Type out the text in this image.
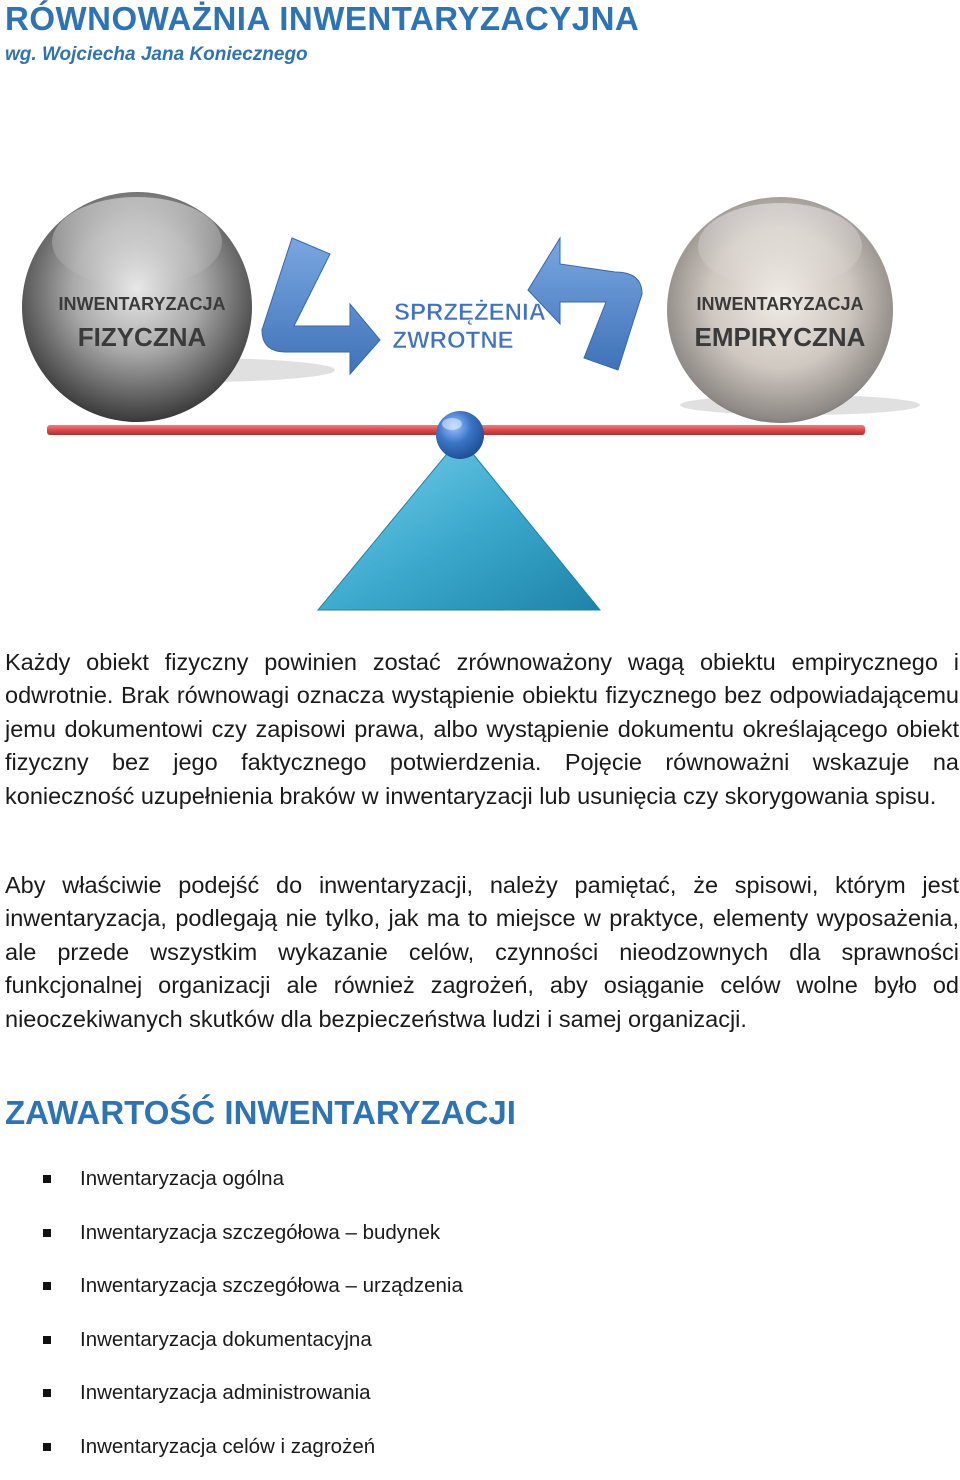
RÓWNOWAŻNIA INWENTARYZACYJNA
wg. Wojciecha Jana Koniecznego
INWENTARYZACJA
FIZYCZNA
INWENTARYZACJA
EMPIRYCZNA
SPRZĘŻENIA
ZWROTNE

Każdy obiekt fizyczny powinien zostać zrównoważony wagą obiektu empirycznego i odwrotnie. Brak równowagi oznacza wystąpienie obiektu fizycznego bez odpowiadającemu jemu dokumentowi czy zapisowi prawa, albo wystąpienie dokumentu określającego obiekt fizyczny bez jego faktycznego potwierdzenia. Pojęcie równoważni wskazuje na konieczność uzupełnienia braków w inwentaryzacji lub usunięcia czy skorygowania spisu.

Aby właściwie podejść do inwentaryzacji, należy pamiętać, że spisowi, którym jest inwentaryzacja, podlegają nie tylko, jak ma to miejsce w praktyce, elementy wyposażenia, ale przede wszystkim wykazanie celów, czynności nieodzownych dla sprawności funkcjonalnej organizacji ale również zagrożeń, aby osiąganie celów wolne było od nieoczekiwanych skutków dla bezpieczeństwa ludzi i samej organizacji.

ZAWARTOŚĆ INWENTARYZACJI
Inwentaryzacja ogólna
Inwentaryzacja szczegółowa – budynek
Inwentaryzacja szczegółowa – urządzenia
Inwentaryzacja dokumentacyjna
Inwentaryzacja administrowania
Inwentaryzacja celów i zagrożeń
